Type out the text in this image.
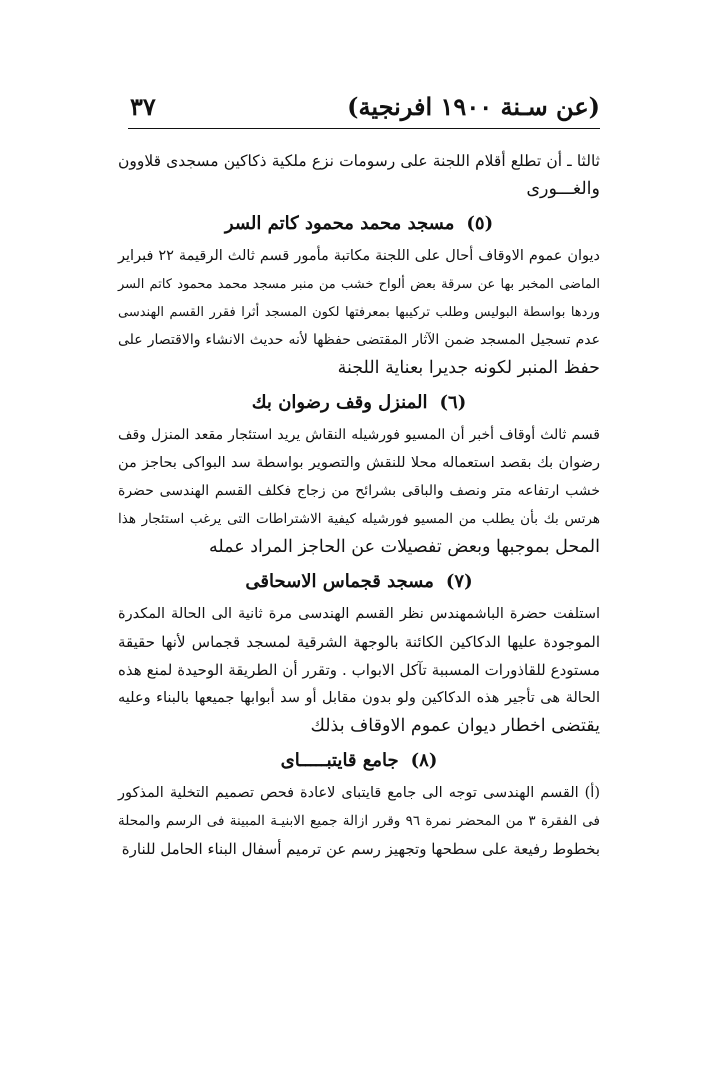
(عن سـنة ١٩٠٠ افرنجية)
٣٧
ثالثا ـ أن تطلع أقلام اللجنة على رسومات نزع ملكية ذكاكين مسجدى قلاوون
والغـــورى
(٥)مسجد محمد محمود كاتم السر
ديوان عموم الاوقاف أحال على اللجنة مكاتبة مأمور قسم ثالث الرقيمة ٢٢ فبراير
الماضى المخبر بها عن سرقة بعض ألواح خشب من منبر مسجد محمد محمود كاتم السر
وردها بواسطة البوليس وطلب تركيبها بمعرفتها لكون المسجد أثرا فقرر القسم الهندسى
عدم تسجيل المسجد ضمن الآثار المقتضى حفظها لأنه حديث الانشاء والاقتصار على
حفظ المنبر لكونه جديرا بعناية اللجنة
(٦)المنزل وقف رضوان بك
قسم ثالث أوقاف أخبر أن المسيو فورشيله النقاش يريد استئجار مقعد المنزل وقف
رضوان بك بقصد استعماله محلا للنقش والتصوير بواسطة سد البواكى بحاجز من
خشب ارتفاعه متر ونصف والباقى بشرائح من زجاج فكلف القسم الهندسى حضرة
هرتس بك بأن يطلب من المسيو فورشيله كيفية الاشتراطات التى يرغب استئجار هذا
المحل بموجبها وبعض تفصيلات عن الحاجز المراد عمله
(٧)مسجد قجماس الاسحاقى
استلفت حضرة الباشمهندس نظر القسم الهندسى مرة ثانية الى الحالة المكدرة
الموجودة عليها الدكاكين الكائنة بالوجهة الشرقية لمسجد قجماس لأنها حقيقة
مستودع للقاذورات المسببة تآكل الابواب . وتقرر أن الطريقة الوحيدة لمنع هذه
الحالة هى تأجير هذه الدكاكين ولو بدون مقابل أو سد أبوابها جميعها بالبناء وعليه
يقتضى اخطار ديوان عموم الاوقاف بذلك
(٨)جامع قايتبـــــاى
(أ) القسم الهندسى توجه الى جامع قايتباى لاعادة فحص تصميم التخلية المذكور
فى الفقرة ٣ من المحضر نمرة ٩٦ وقرر ازالة جميع الابنيـة المبينة فى الرسم والمحلة
بخطوط رفيعة على سطحها وتجهيز رسم عن ترميم أسفال البناء الحامل للنارة
